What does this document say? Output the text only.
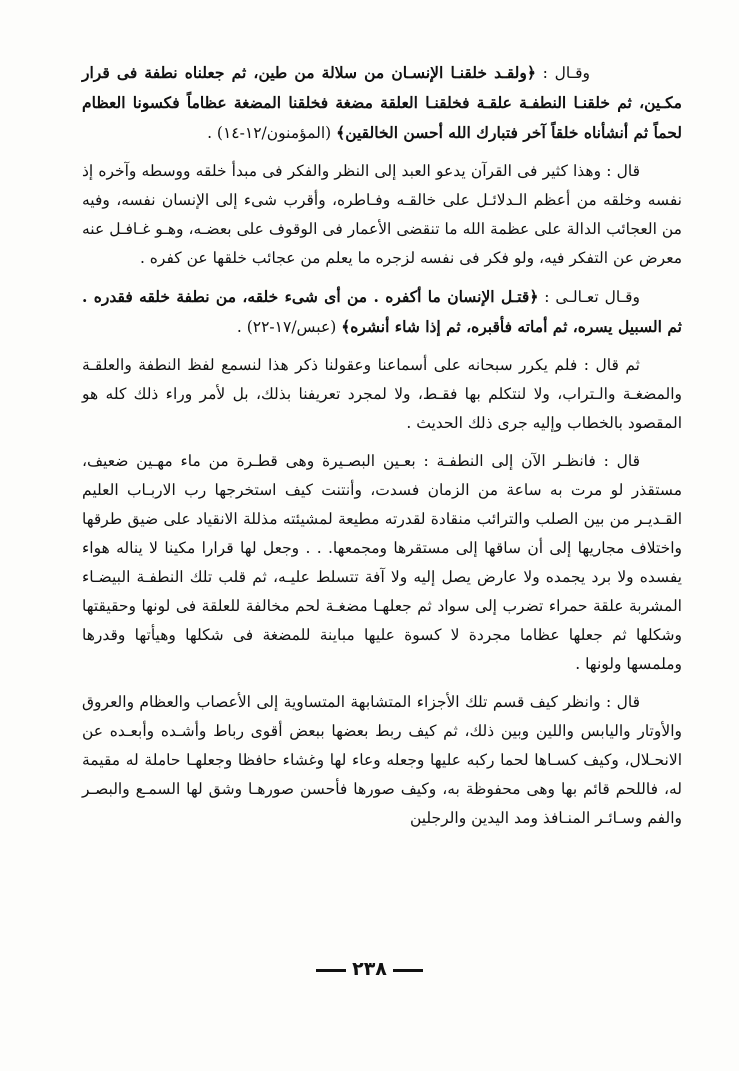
وقـال : ﴿ولقـد خلقنـا الإنسـان من سلالة من طين، ثم جعلناه نطفة فى قرار مكـين، ثم خلقنـا النطفـة علقـة فخلقنـا العلقة مضغة فخلقنا المضغة عظاماً فكسونا العظام لحماً ثم أنشأناه خلقاً آخر فتبارك الله أحسن الخالقين﴾ (المؤمنون/١٢-١٤) .

قال : وهذا كثير فى القرآن يدعو العبد إلى النظر والفكر فى مبدأ خلقه ووسطه وآخره إذ نفسه وخلقه من أعظم الـدلائـل على خالقـه وفـاطره، وأقرب شىء إلى الإنسان نفسه، وفيه من العجائب الدالة على عظمة الله ما تنقضى الأعمار فى الوقوف على بعضـه، وهـو غـافـل عنه معرض عن التفكر فيه، ولو فكر فى نفسه لزجره ما يعلم من عجائب خلقها عن كفره .

وقـال تعـالـى : ﴿قتـل الإنسان ما أكفره . من أى شىء خلقه، من نطفة خلقه فقدره . ثم السبيل يسره، ثم أماته فأقبره، ثم إذا شاء أنشره﴾ (عبس/١٧-٢٢) .

ثم قال : فلم يكرر سبحانه على أسماعنا وعقولنا ذكر هذا لنسمع لفظ النطفة والعلقـة والمضغـة والـتراب، ولا لنتكلم بها فقـط، ولا لمجرد تعريفنا بذلك، بل لأمر وراء ذلك كله هو المقصود بالخطاب وإليه جرى ذلك الحديث .

قال : فانظـر الآن إلى النطفـة : بعـين البصـيرة وهى قطـرة من ماء مهـين ضعيف، مستقذر لو مرت به ساعة من الزمان فسدت، وأنتنت كيف استخرجها رب الاربـاب العليم القـديـر من بين الصلب والترائب منقادة لقدرته مطيعة لمشيئته مذللة الانقياد على ضيق طرقها واختلاف مجاريها إلى أن ساقها إلى مستقرها ومجمعها. . . وجعل لها قرارا مكينا لا يناله هواء يفسده ولا برد يجمده ولا عارض يصل إليه ولا آفة تتسلط عليـه، ثم قلب تلك النطفـة البيضـاء المشربة علقة حمراء تضرب إلى سواد ثم جعلهـا مضغـة لحم مخالفة للعلقة فى لونها وحقيقتها وشكلها ثم جعلها عظاما مجردة لا كسوة عليها مباينة للمضغة فى شكلها وهيأتها وقدرها وملمسها ولونها .

قال : وانظر كيف قسم تلك الأجزاء المتشابهة المتساوية إلى الأعصاب والعظام والعروق والأوتار واليابس واللين وبين ذلك، ثم كيف ربط بعضها ببعض أقوى رباط وأشـده وأبعـده عن الانحـلال، وكيف كسـاها لحما ركبه عليها وجعله وعاء لها وغشاء حافظا وجعلهـا حاملة له مقيمة له، فاللحم قائم بها وهى محفوظة به، وكيف صورها فأحسن صورهـا وشق لها السمـع والبصـر والفم وسـائـر المنـافذ ومد اليدين والرجلين

٢٣٨
